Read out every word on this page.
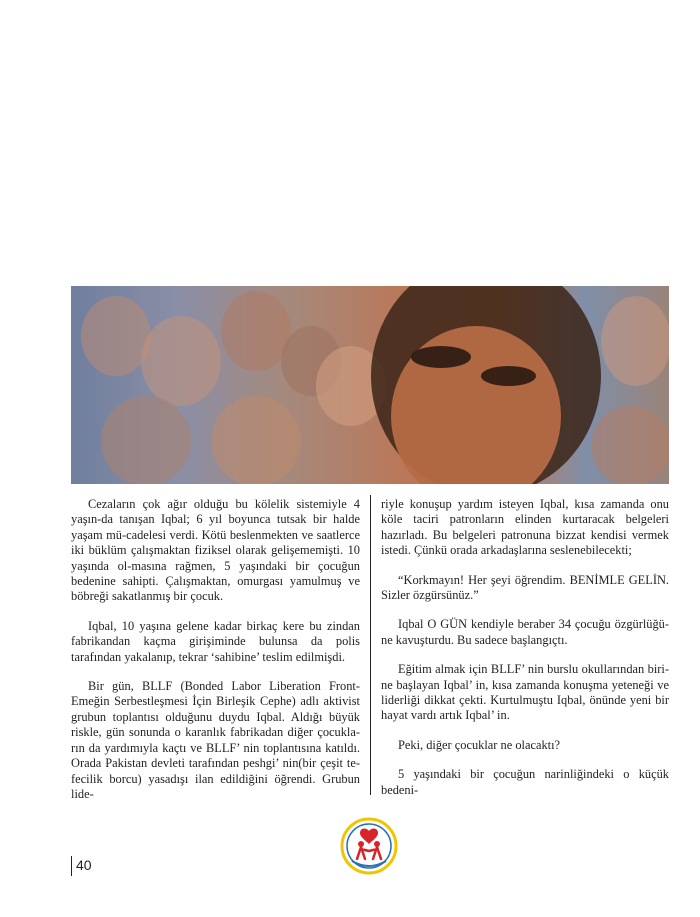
Cezaların çok ağır olduğu bu kölelik sistemiyle 4 yaşın-da tanışan Iqbal; 6 yıl boyunca tutsak bir halde yaşam mü-cadelesi verdi. Kötü beslenmekten ve saatlerce iki büklüm çalışmaktan fiziksel olarak gelişememişti. 10 yaşında ol-masına rağmen, 5 yaşındaki bir çocuğun bedenine sahipti. Çalışmaktan, omurgası yamulmuş ve böbreği sakatlanmış bir çocuk.

Iqbal, 10 yaşına gelene kadar birkaç kere bu zindan fabrikandan kaçma girişiminde bulunsa da polis tarafından yakalanıp, tekrar ‘sahibine’ teslim edilmişdi.

Bir gün, BLLF (Bonded Labor Liberation Front-Emeğin Serbestleşmesi İçin Birleşik Cephe) adlı aktivist grubun toplantısı olduğunu duydu Iqbal. Aldığı büyük riskle, gün sonunda o karanlık fabrikadan diğer çocukla-rın da yardımıyla kaçtı ve BLLF’ nin toplantısına katıldı. Orada Pakistan devleti tarafından peshgi’ nin(bir çeşit te-fecilik borcu) yasadışı ilan edildiğini öğrendi. Grubun lide-

riyle konuşup yardım isteyen Iqbal, kısa zamanda onu köle taciri patronların elinden kurtaracak belgeleri hazırladı. Bu belgeleri patronuna bizzat kendisi vermek istedi. Çünkü orada arkadaşlarına seslenebilecekti;

“Korkmayın! Her şeyi öğrendim. BENİMLE GELİN. Sizler özgürsünüz.”

Iqbal O GÜN kendiyle beraber 34 çocuğu özgürlüğü-ne kavuşturdu. Bu sadece başlangıçtı.

Eğitim almak için BLLF’ nin burslu okullarından biri-ne başlayan Iqbal’ in, kısa zamanda konuşma yeteneği ve liderliği dikkat çekti. Kurtulmuştu Iqbal, önünde yeni bir hayat vardı artık Iqbal’ in.

Peki, diğer çocuklar ne olacaktı?

5 yaşındaki bir çocuğun narinliğindeki o küçük bedeni-

40
